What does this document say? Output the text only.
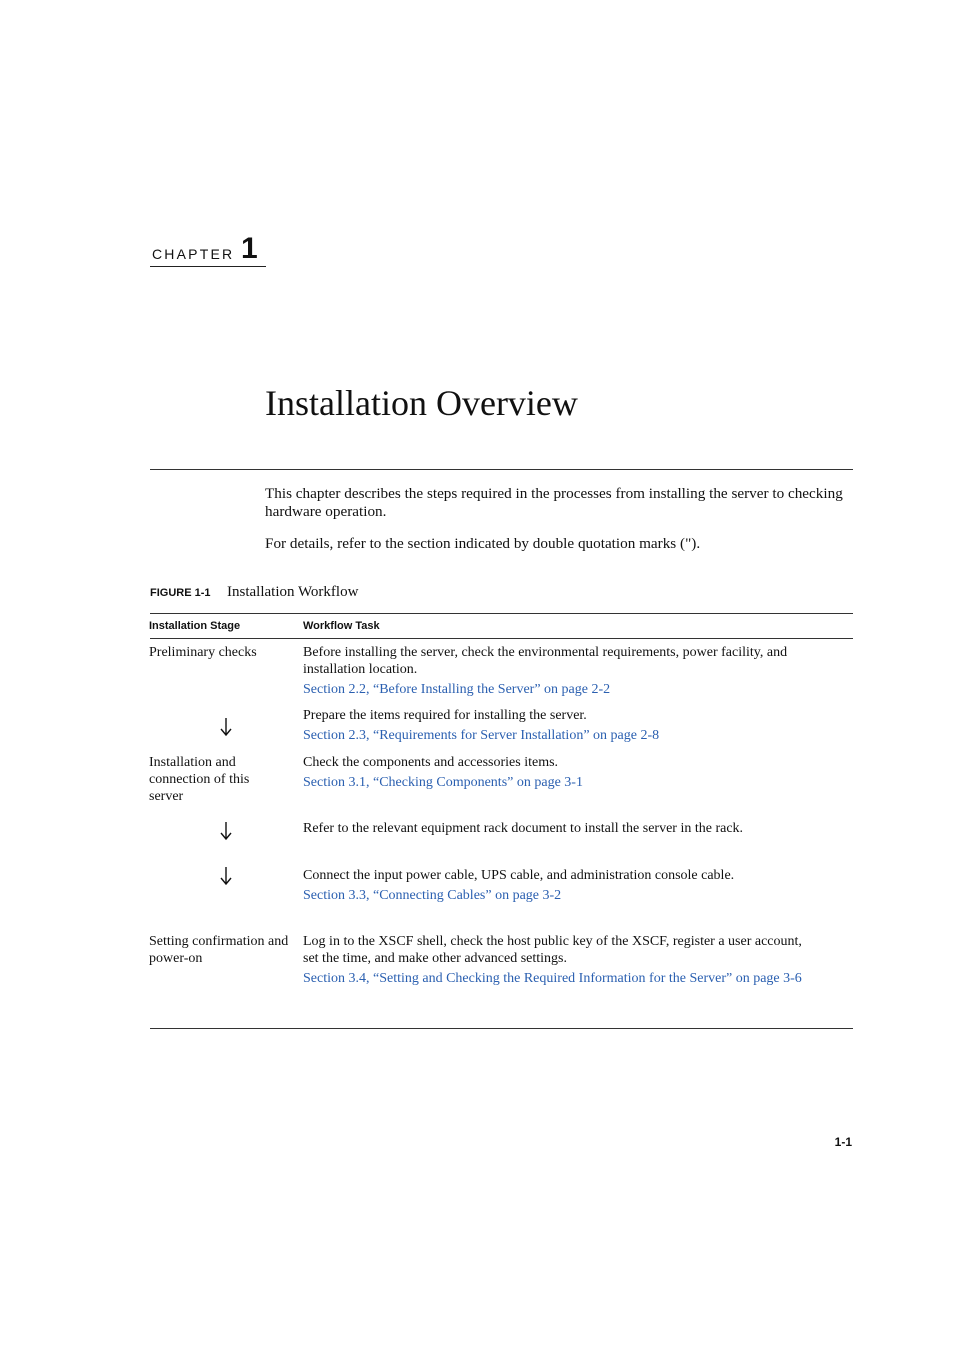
CHAPTER 1
Installation Overview

This chapter describes the steps required in the processes from installing the server to checking hardware operation.

For details, refer to the section indicated by double quotation marks (").

FIGURE 1-1 Installation Workflow
Installation Stage	Workflow Task
Preliminary checks
Installation and connection of this server
Setting confirmation and power-on
Before installing the server, check the environmental requirements, power facility, and installation location.
Section 2.2, “Before Installing the Server” on page 2-2
Prepare the items required for installing the server.
Section 2.3, “Requirements for Server Installation” on page 2-8
Check the components and accessories items.
Section 3.1, “Checking Components” on page 3-1
Refer to the relevant equipment rack document to install the server in the rack.
Connect the input power cable, UPS cable, and administration console cable.
Section 3.3, “Connecting Cables” on page 3-2
Log in to the XSCF shell, check the host public key of the XSCF, register a user account, set the time, and make other advanced settings.
Section 3.4, “Setting and Checking the Required Information for the Server” on page 3-6
1-1
